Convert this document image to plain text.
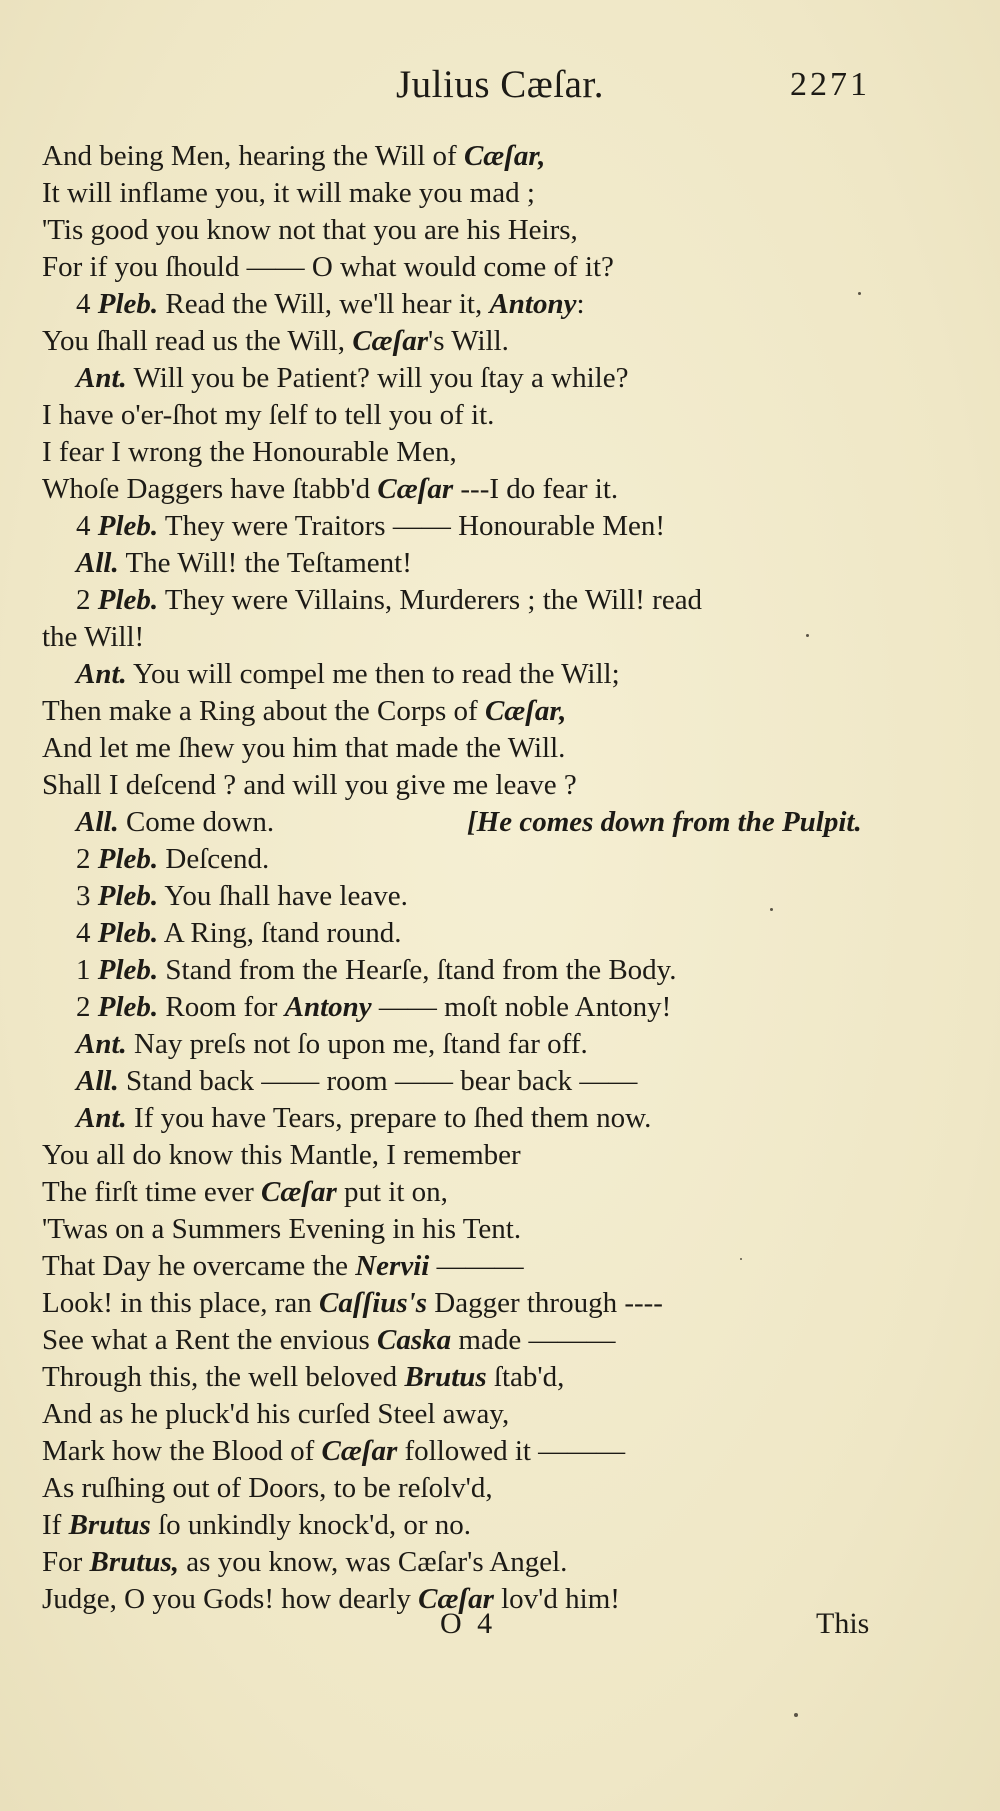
Julius Cæſar.	2271
And being Men, hearing the Will of Cæſar,
It will inflame you, it will make you mad ;
'Tis good you know not that you are his Heirs,
For if you ſhould —— O what would come of it?
4 Pleb. Read the Will, we'll hear it, Antony:
You ſhall read us the Will, Cæſar's Will.
Ant. Will you be Patient? will you ſtay a while?
I have o'er-ſhot my ſelf to tell you of it.
I fear I wrong the Honourable Men,
Whoſe Daggers have ſtabb'd Cæſar ---I do fear it.
4 Pleb. They were Traitors —— Honourable Men!
All. The Will! the Teſtament!
2 Pleb. They were Villains, Murderers ; the Will! read
the Will!
Ant. You will compel me then to read the Will;
Then make a Ring about the Corps of Cæſar,
And let me ſhew you him that made the Will.
Shall I deſcend ? and will you give me leave ?
All. Come down.	[He comes down from the Pulpit.
2 Pleb. Deſcend.
3 Pleb. You ſhall have leave.
4 Pleb. A Ring, ſtand round.
1 Pleb. Stand from the Hearſe, ſtand from the Body.
2 Pleb. Room for Antony —— moſt noble Antony!
Ant. Nay preſs not ſo upon me, ſtand far off.
All. Stand back —— room —— bear back ——
Ant. If you have Tears, prepare to ſhed them now.
You all do know this Mantle, I remember
The firſt time ever Cæſar put it on,
'Twas on a Summers Evening in his Tent.
That Day he overcame the Nervii ———
Look! in this place, ran Caſſius's Dagger through ----
See what a Rent the envious Caska made ———
Through this, the well beloved Brutus ſtab'd,
And as he pluck'd his curſed Steel away,
Mark how the Blood of Cæſar followed it ———
As ruſhing out of Doors, to be reſolv'd,
If Brutus ſo unkindly knock'd, or no.
For Brutus, as you know, was Cæſar's Angel.
Judge, O you Gods! how dearly Cæſar lov'd him!
O 4	This
